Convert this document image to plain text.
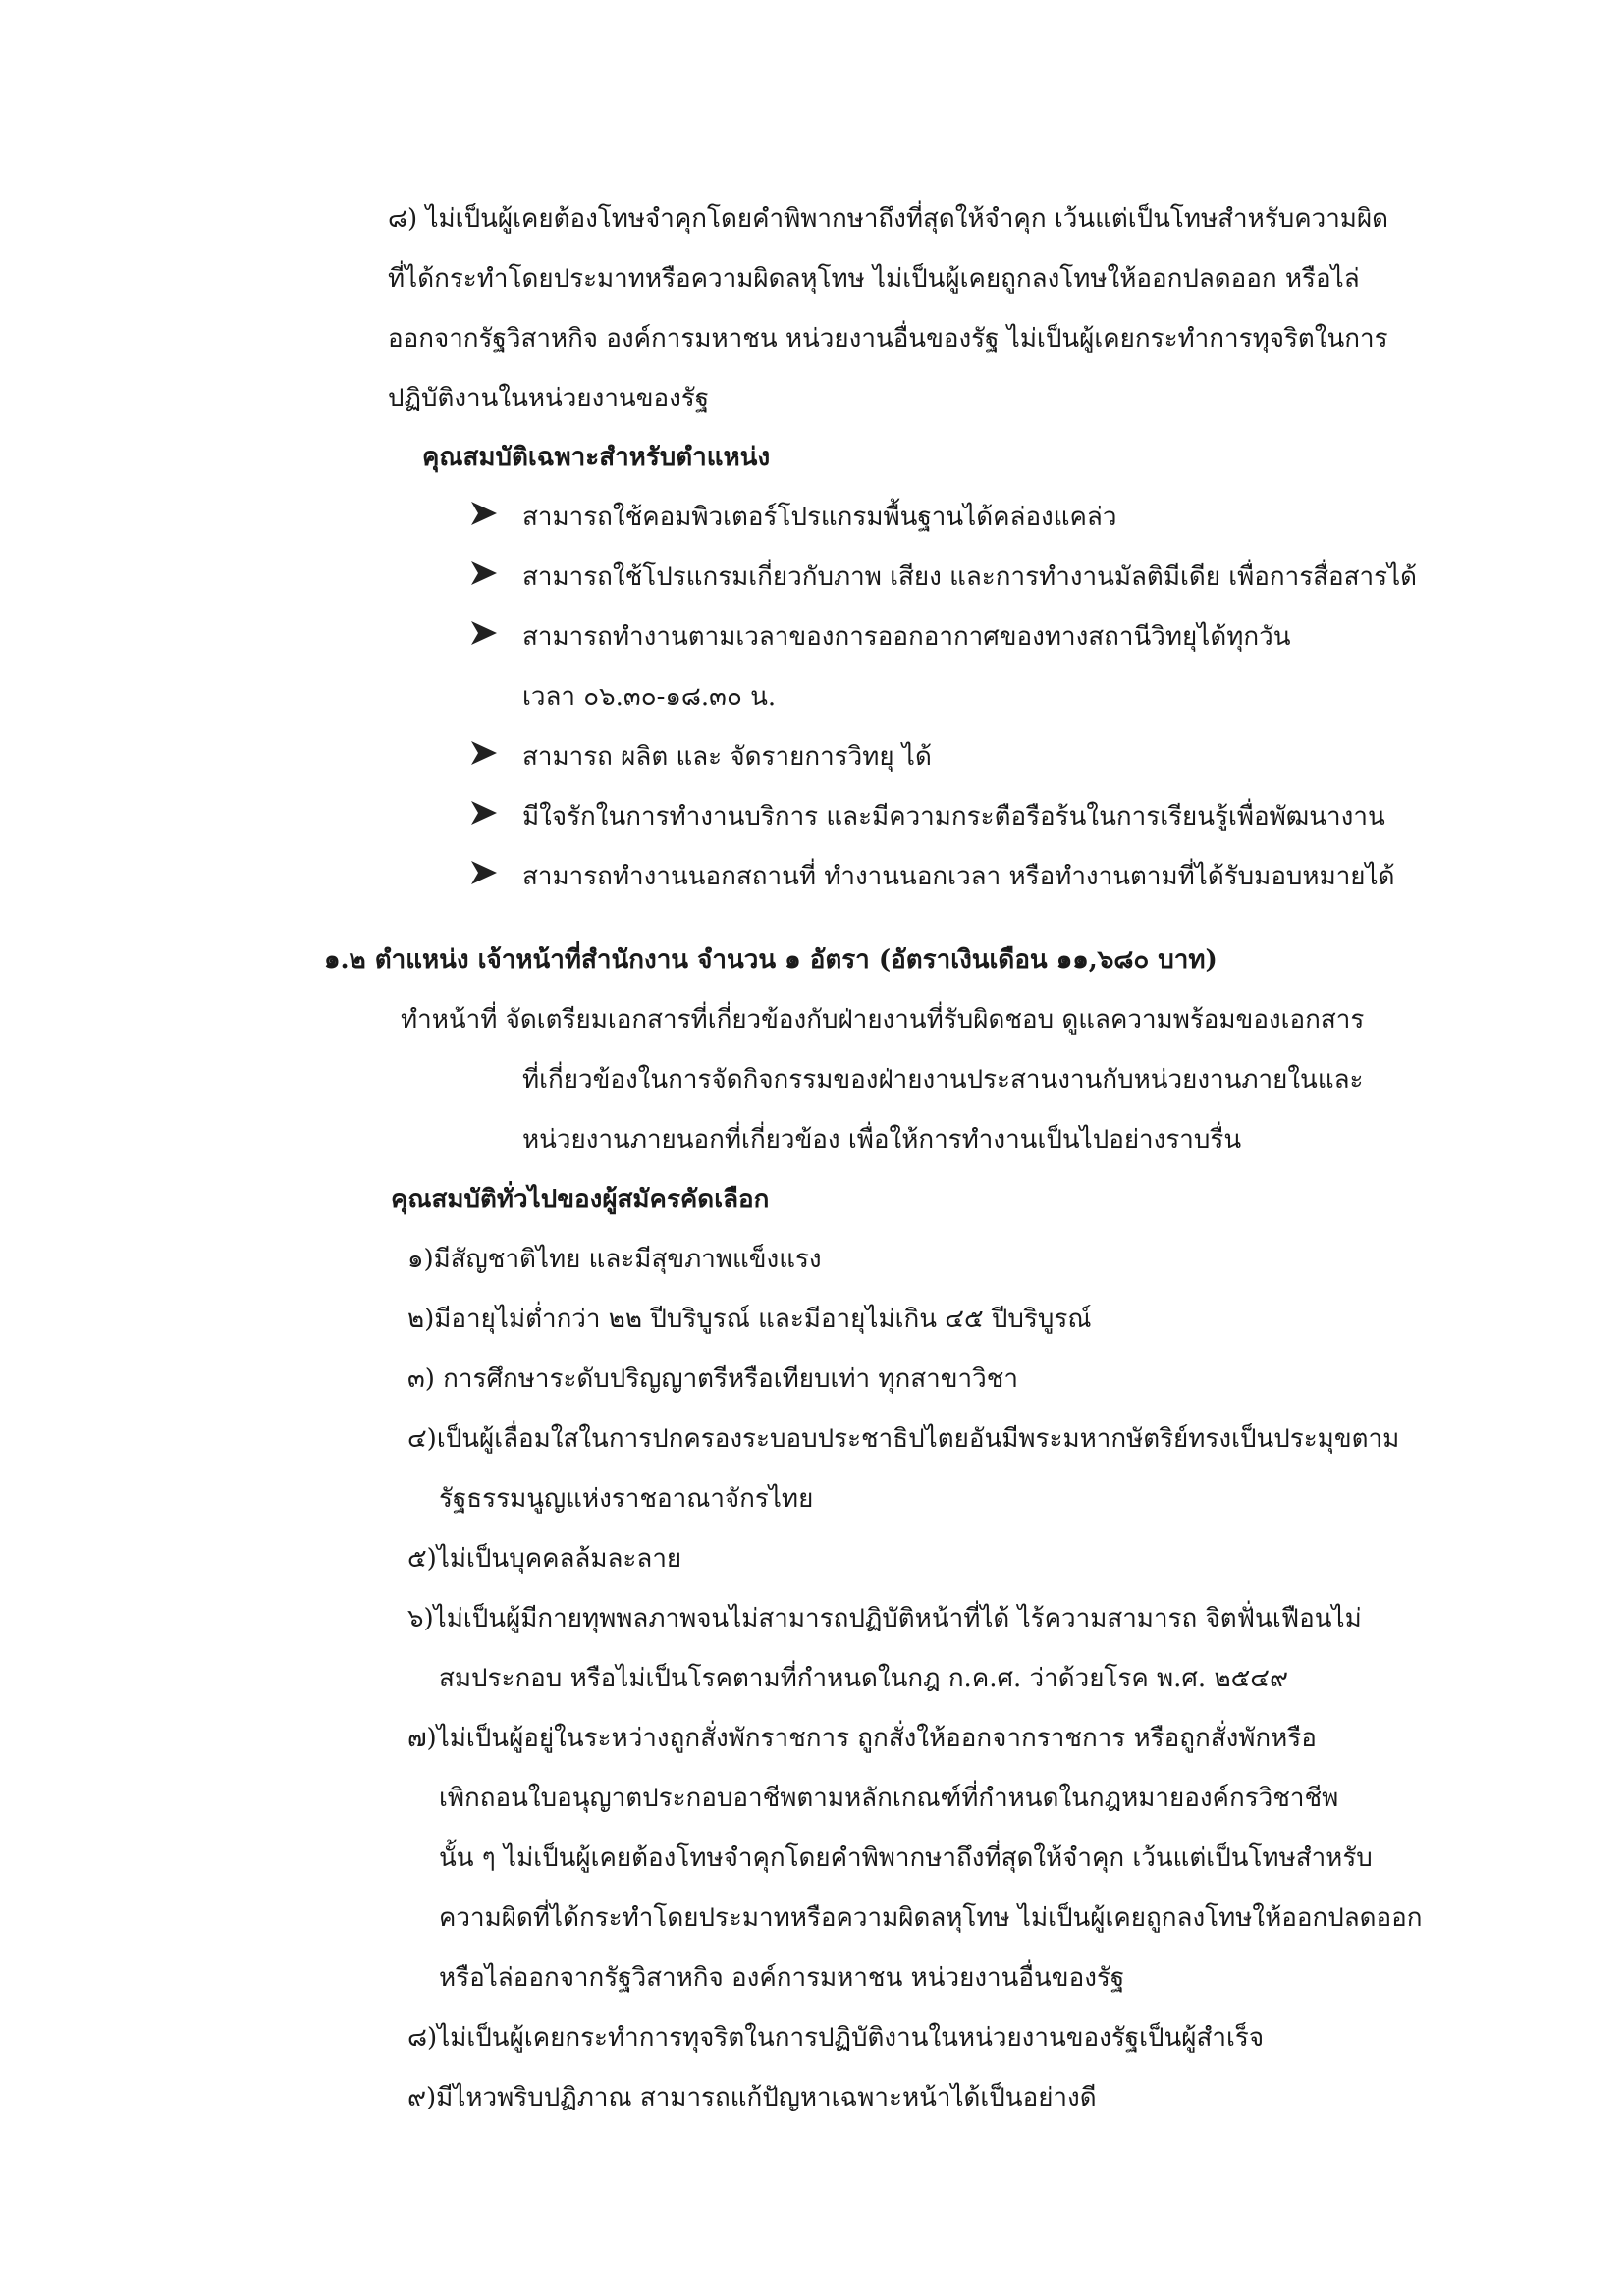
๘) ไม่เป็นผู้เคยต้องโทษจำคุกโดยคำพิพากษาถึงที่สุดให้จำคุก เว้นแต่เป็นโทษสำหรับความผิด
ที่ได้กระทำโดยประมาทหรือความผิดลหุโทษ ไม่เป็นผู้เคยถูกลงโทษให้ออกปลดออก หรือไล่
ออกจากรัฐวิสาหกิจ องค์การมหาชน หน่วยงานอื่นของรัฐ ไม่เป็นผู้เคยกระทำการทุจริตในการ
ปฏิบัติงานในหน่วยงานของรัฐ
คุณสมบัติเฉพาะสำหรับตำแหน่ง
สามารถใช้คอมพิวเตอร์โปรแกรมพื้นฐานได้คล่องแคล่ว
สามารถใช้โปรแกรมเกี่ยวกับภาพ เสียง และการทำงานมัลติมีเดีย เพื่อการสื่อสารได้
สามารถทำงานตามเวลาของการออกอากาศของทางสถานีวิทยุได้ทุกวัน
เวลา ๐๖.๓๐-๑๘.๓๐ น.
สามารถ ผลิต และ จัดรายการวิทยุ ได้
มีใจรักในการทำงานบริการ และมีความกระตือรือร้นในการเรียนรู้เพื่อพัฒนางาน
สามารถทำงานนอกสถานที่ ทำงานนอกเวลา หรือทำงานตามที่ได้รับมอบหมายได้
๑.๒ ตำแหน่ง เจ้าหน้าที่สำนักงาน จำนวน ๑ อัตรา (อัตราเงินเดือน ๑๑,๖๘๐ บาท)
ทำหน้าที่ จัดเตรียมเอกสารที่เกี่ยวข้องกับฝ่ายงานที่รับผิดชอบ ดูแลความพร้อมของเอกสาร
ที่เกี่ยวข้องในการจัดกิจกรรมของฝ่ายงานประสานงานกับหน่วยงานภายในและ
หน่วยงานภายนอกที่เกี่ยวข้อง เพื่อให้การทำงานเป็นไปอย่างราบรื่น
คุณสมบัติทั่วไปของผู้สมัครคัดเลือก
๑)มีสัญชาติไทย และมีสุขภาพแข็งแรง
๒)มีอายุไม่ต่ำกว่า ๒๒ ปีบริบูรณ์ และมีอายุไม่เกิน ๔๕ ปีบริบูรณ์
๓) การศึกษาระดับปริญญาตรีหรือเทียบเท่า ทุกสาขาวิชา
๔)เป็นผู้เลื่อมใสในการปกครองระบอบประชาธิปไตยอันมีพระมหากษัตริย์ทรงเป็นประมุขตาม
รัฐธรรมนูญแห่งราชอาณาจักรไทย
๕)ไม่เป็นบุคคลล้มละลาย
๖)ไม่เป็นผู้มีกายทุพพลภาพจนไม่สามารถปฏิบัติหน้าที่ได้ ไร้ความสามารถ จิตฟั่นเฟือนไม่
สมประกอบ หรือไม่เป็นโรคตามที่กำหนดในกฎ ก.ค.ศ. ว่าด้วยโรค พ.ศ. ๒๕๔๙
๗)ไม่เป็นผู้อยู่ในระหว่างถูกสั่งพักราชการ ถูกสั่งให้ออกจากราชการ หรือถูกสั่งพักหรือ
เพิกถอนใบอนุญาตประกอบอาชีพตามหลักเกณฑ์ที่กำหนดในกฎหมายองค์กรวิชาชีพ
นั้น ๆ ไม่เป็นผู้เคยต้องโทษจำคุกโดยคำพิพากษาถึงที่สุดให้จำคุก เว้นแต่เป็นโทษสำหรับ
ความผิดที่ได้กระทำโดยประมาทหรือความผิดลหุโทษ ไม่เป็นผู้เคยถูกลงโทษให้ออกปลดออก
หรือไล่ออกจากรัฐวิสาหกิจ องค์การมหาชน หน่วยงานอื่นของรัฐ
๘)ไม่เป็นผู้เคยกระทำการทุจริตในการปฏิบัติงานในหน่วยงานของรัฐเป็นผู้สำเร็จ
๙)มีไหวพริบปฏิภาณ สามารถแก้ปัญหาเฉพาะหน้าได้เป็นอย่างดี
